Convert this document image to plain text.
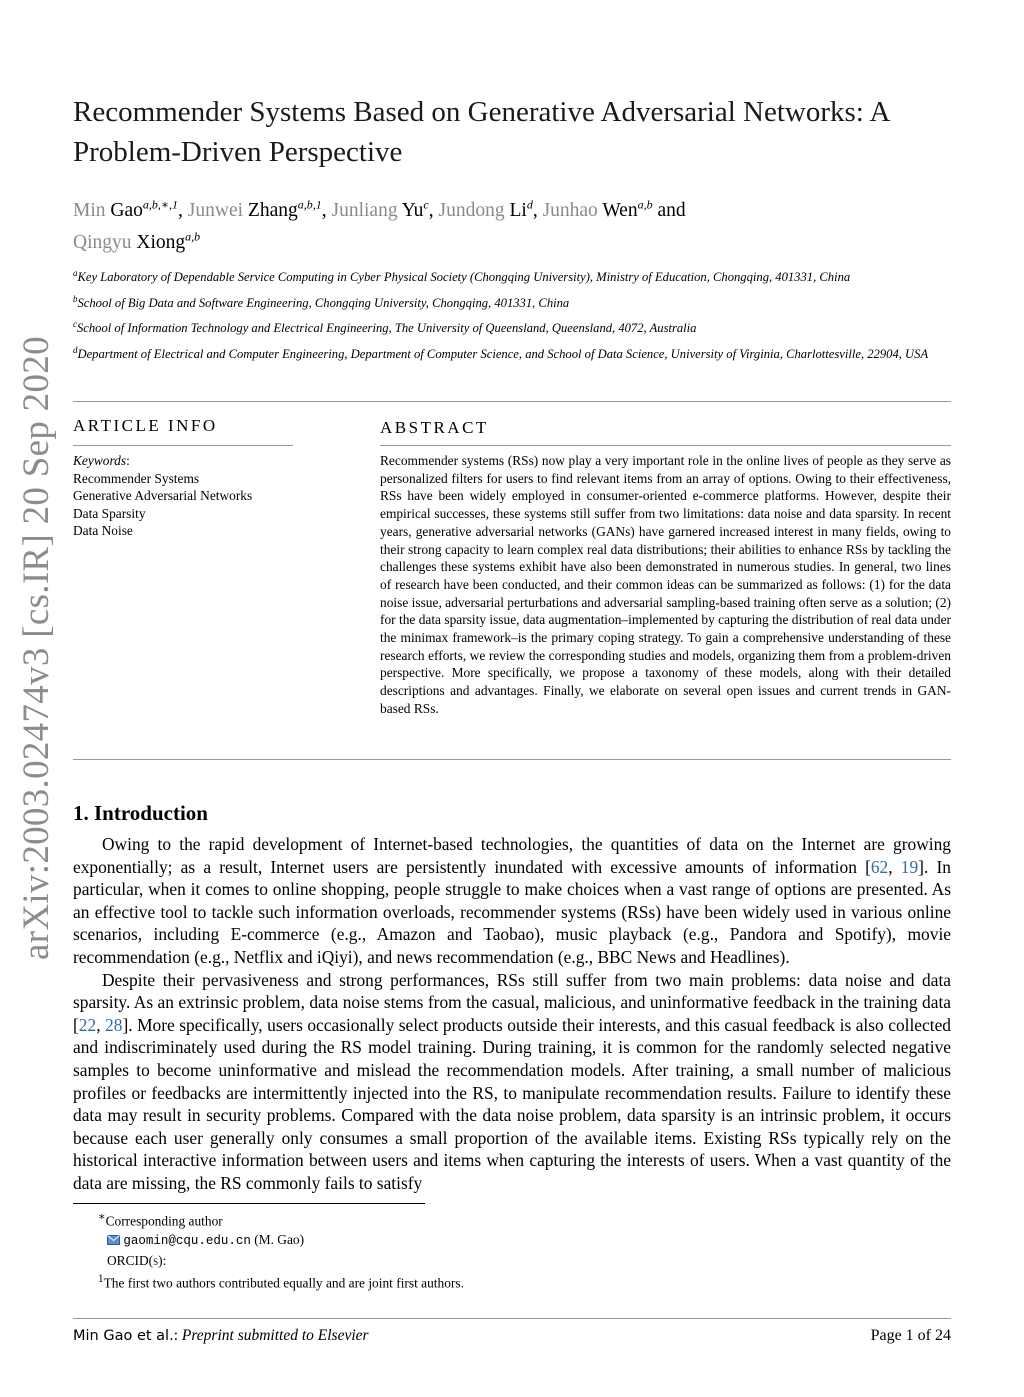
arXiv:2003.02474v3 [cs.IR] 20 Sep 2020
Recommender Systems Based on Generative Adversarial Networks: A Problem-Driven Perspective
Min Gao$^{a,b,∗,1}$, Junwei Zhang$^{a,b,1}$, Junliang Yu$^c$, Jundong Li$^d$, Junhao Wen$^{a,b}$ and
Qingyu Xiong$^{a,b}$

$^a$Key Laboratory of Dependable Service Computing in Cyber Physical Society (Chongqing University), Ministry of Education, Chongqing, 401331, China

$^b$School of Big Data and Software Engineering, Chongqing University, Chongqing, 401331, China

$^c$School of Information Technology and Electrical Engineering, The University of Queensland, Queensland, 4072, Australia

$^d$Department of Electrical and Computer Engineering, Department of Computer Science, and School of Data Science, University of Virginia, Charlottesville, 22904, USA

ARTICLE INFO
Keywords:
Recommender Systems
Generative Adversarial Networks
Data Sparsity
Data Noise
ABSTRACT
Recommender systems (RSs) now play a very important role in the online lives of people as they serve as personalized filters for users to find relevant items from an array of options. Owing to their effectiveness, RSs have been widely employed in consumer-oriented e-commerce platforms. However, despite their empirical successes, these systems still suffer from two limitations: data noise and data sparsity. In recent years, generative adversarial networks (GANs) have garnered increased interest in many fields, owing to their strong capacity to learn complex real data distributions; their abilities to enhance RSs by tackling the challenges these systems exhibit have also been demonstrated in numerous studies. In general, two lines of research have been conducted, and their common ideas can be summarized as follows: (1) for the data noise issue, adversarial perturbations and adversarial sampling-based training often serve as a solution; (2) for the data sparsity issue, data augmentation–implemented by capturing the distribution of real data under the minimax framework–is the primary coping strategy. To gain a comprehensive understanding of these research efforts, we review the corresponding studies and models, organizing them from a problem-driven perspective. More specifically, we propose a taxonomy of these models, along with their detailed descriptions and advantages. Finally, we elaborate on several open issues and current trends in GAN-based RSs.
1. Introduction

Owing to the rapid development of Internet-based technologies, the quantities of data on the Internet are growing exponentially; as a result, Internet users are persistently inundated with excessive amounts of information [62, 19]. In particular, when it comes to online shopping, people struggle to make choices when a vast range of options are presented. As an effective tool to tackle such information overloads, recommender systems (RSs) have been widely used in various online scenarios, including E-commerce (e.g., Amazon and Taobao), music playback (e.g., Pandora and Spotify), movie recommendation (e.g., Netflix and iQiyi), and news recommendation (e.g., BBC News and Headlines).

Despite their pervasiveness and strong performances, RSs still suffer from two main problems: data noise and data sparsity. As an extrinsic problem, data noise stems from the casual, malicious, and uninformative feedback in the training data [22, 28]. More specifically, users occasionally select products outside their interests, and this casual feedback is also collected and indiscriminately used during the RS model training. During training, it is common for the randomly selected negative samples to become uninformative and mislead the recommendation models. After training, a small number of malicious profiles or feedbacks are intermittently injected into the RS, to manipulate recommendation results. Failure to identify these data may result in security problems. Compared with the data noise problem, data sparsity is an intrinsic problem, it occurs because each user generally only consumes a small proportion of the available items. Existing RSs typically rely on the historical interactive information between users and items when capturing the interests of users. When a vast quantity of the data are missing, the RS commonly fails to satisfy

∗Corresponding author
gaomin@cqu.edu.cn (M. Gao)
ORCID(s):
$^1$The first two authors contributed equally and are joint first authors.
Min Gao et al.: Preprint submitted to Elsevier	Page 1 of 24
